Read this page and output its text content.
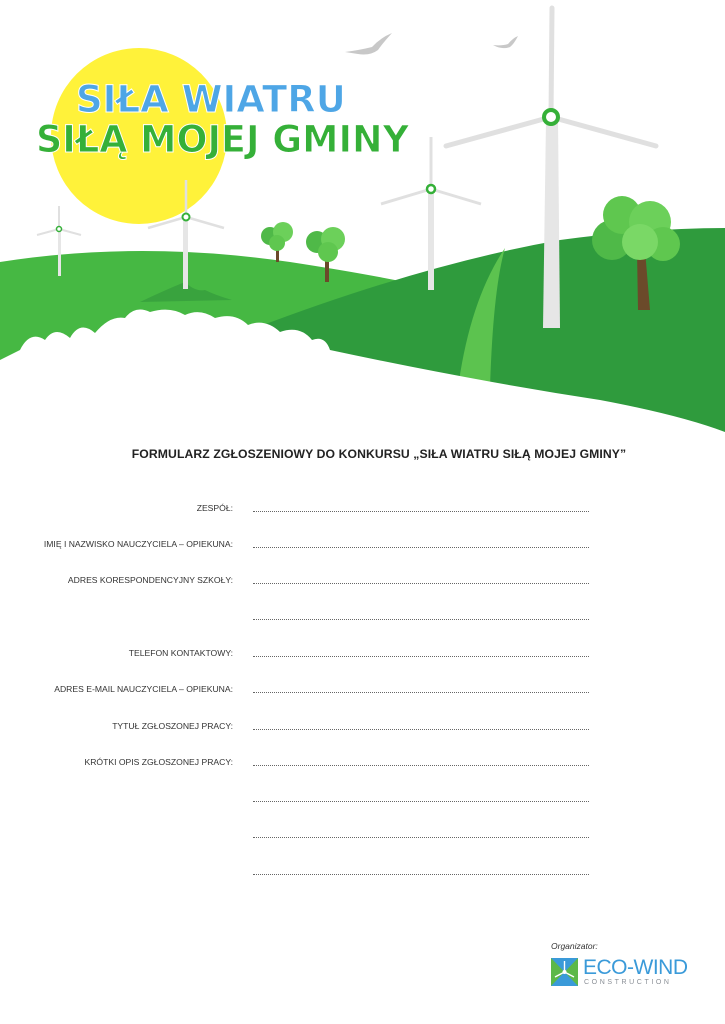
SIŁA WIATRU
SIŁĄ MOJEJ GMINY
FORMULARZ ZGŁOSZENIOWY DO KONKURSU „SIŁA WIATRU SIŁĄ MOJEJ GMINY”
ZESPÓŁ:
IMIĘ I NAZWISKO NAUCZYCIELA – OPIEKUNA:
ADRES KORESPONDENCYJNY SZKOŁY:
TELEFON KONTAKTOWY:
ADRES E-MAIL NAUCZYCIELA – OPIEKUNA:
TYTUŁ ZGŁOSZONEJ PRACY:
KRÓTKI OPIS ZGŁOSZONEJ PRACY:
Organizator:
ECO-WIND
CONSTRUCTION
